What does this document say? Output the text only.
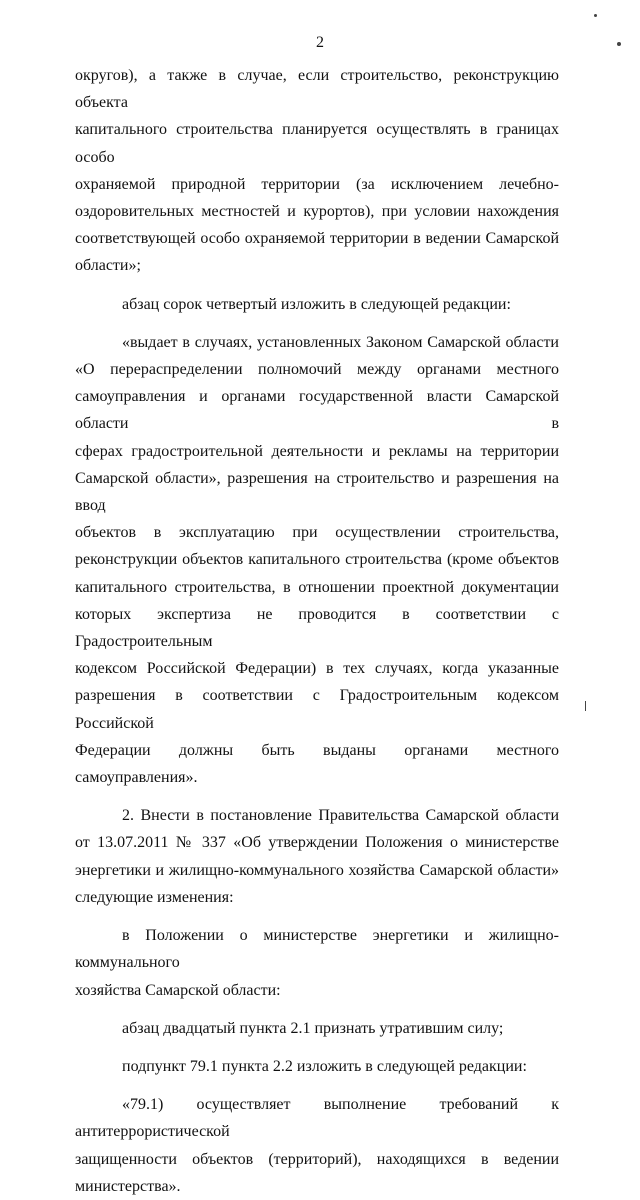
2

округов), а также в случае, если строительство, реконструкцию объекта

капитального строительства планируется осуществлять в границах особо

охраняемой природной территории (за исключением лечебно-

оздоровительных местностей и курортов), при условии нахождения

соответствующей особо охраняемой территории в ведении Самарской

области»;

абзац сорок четвертый изложить в следующей редакции:

«выдает в случаях, установленных Законом Самарской области

«О перераспределении полномочий между органами местного

самоуправления и органами государственной власти Самарской области в

сферах градостроительной деятельности и рекламы на территории

Самарской области», разрешения на строительство и разрешения на ввод

объектов в эксплуатацию при осуществлении строительства,

реконструкции объектов капитального строительства (кроме объектов

капитального строительства, в отношении проектной документации

которых экспертиза не проводится в соответствии с Градостроительным

кодексом Российской Федерации) в тех случаях, когда указанные

разрешения в соответствии с Градостроительным кодексом Российской

Федерации должны быть выданы органами местного самоуправления».

2. Внести в постановление Правительства Самарской области

от 13.07.2011 № 337 «Об утверждении Положения о министерстве

энергетики и жилищно-коммунального хозяйства Самарской области»

следующие изменения:

в Положении о министерстве энергетики и жилищно-коммунального

хозяйства Самарской области:

абзац двадцатый пункта 2.1 признать утратившим силу;

подпункт 79.1 пункта 2.2 изложить в следующей редакции:

«79.1) осуществляет выполнение требований к антитеррористической

защищенности объектов (территорий), находящихся в ведении министерства».
